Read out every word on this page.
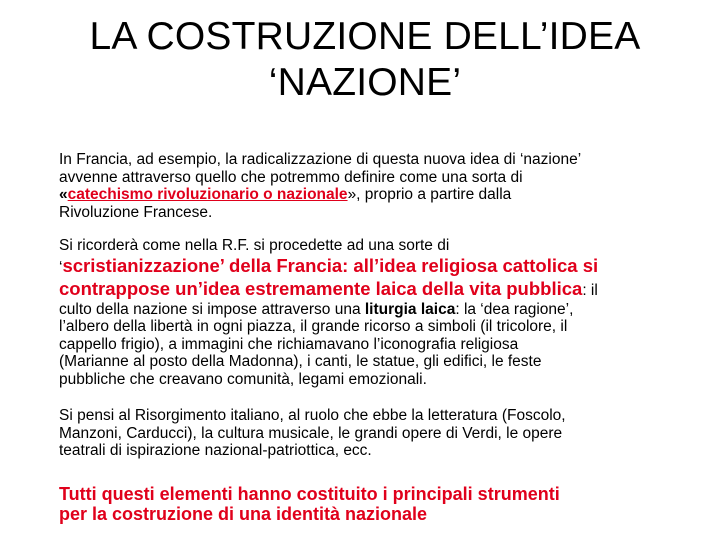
LA COSTRUZIONE DELL’IDEA
‘NAZIONE’
In Francia, ad esempio, la radicalizzazione di questa nuova idea di ‘nazione’
avvenne attraverso quello che potremmo definire come una sorta di
«catechismo rivoluzionario o nazionale», proprio a partire dalla
Rivoluzione Francese.
Si ricorderà come nella R.F. si procedette ad una sorte di
‘scristianizzazione’ della Francia: all’idea religiosa cattolica si
contrappose un’idea estremamente laica della vita pubblica: il
culto della nazione si impose attraverso una liturgia laica: la ‘dea ragione’,
l’albero della libertà in ogni piazza, il grande ricorso a simboli (il tricolore, il
cappello frigio), a immagini che richiamavano l’iconografia religiosa
(Marianne al posto della Madonna), i canti, le statue, gli edifici, le feste
pubbliche che creavano comunità, legami emozionali.
Si pensi al Risorgimento italiano, al ruolo che ebbe la letteratura (Foscolo,
Manzoni, Carducci), la cultura musicale, le grandi opere di Verdi, le opere
teatrali di ispirazione nazional-patriottica, ecc.
Tutti questi elementi hanno costituito i principali strumenti
per la costruzione di una identità nazionale
